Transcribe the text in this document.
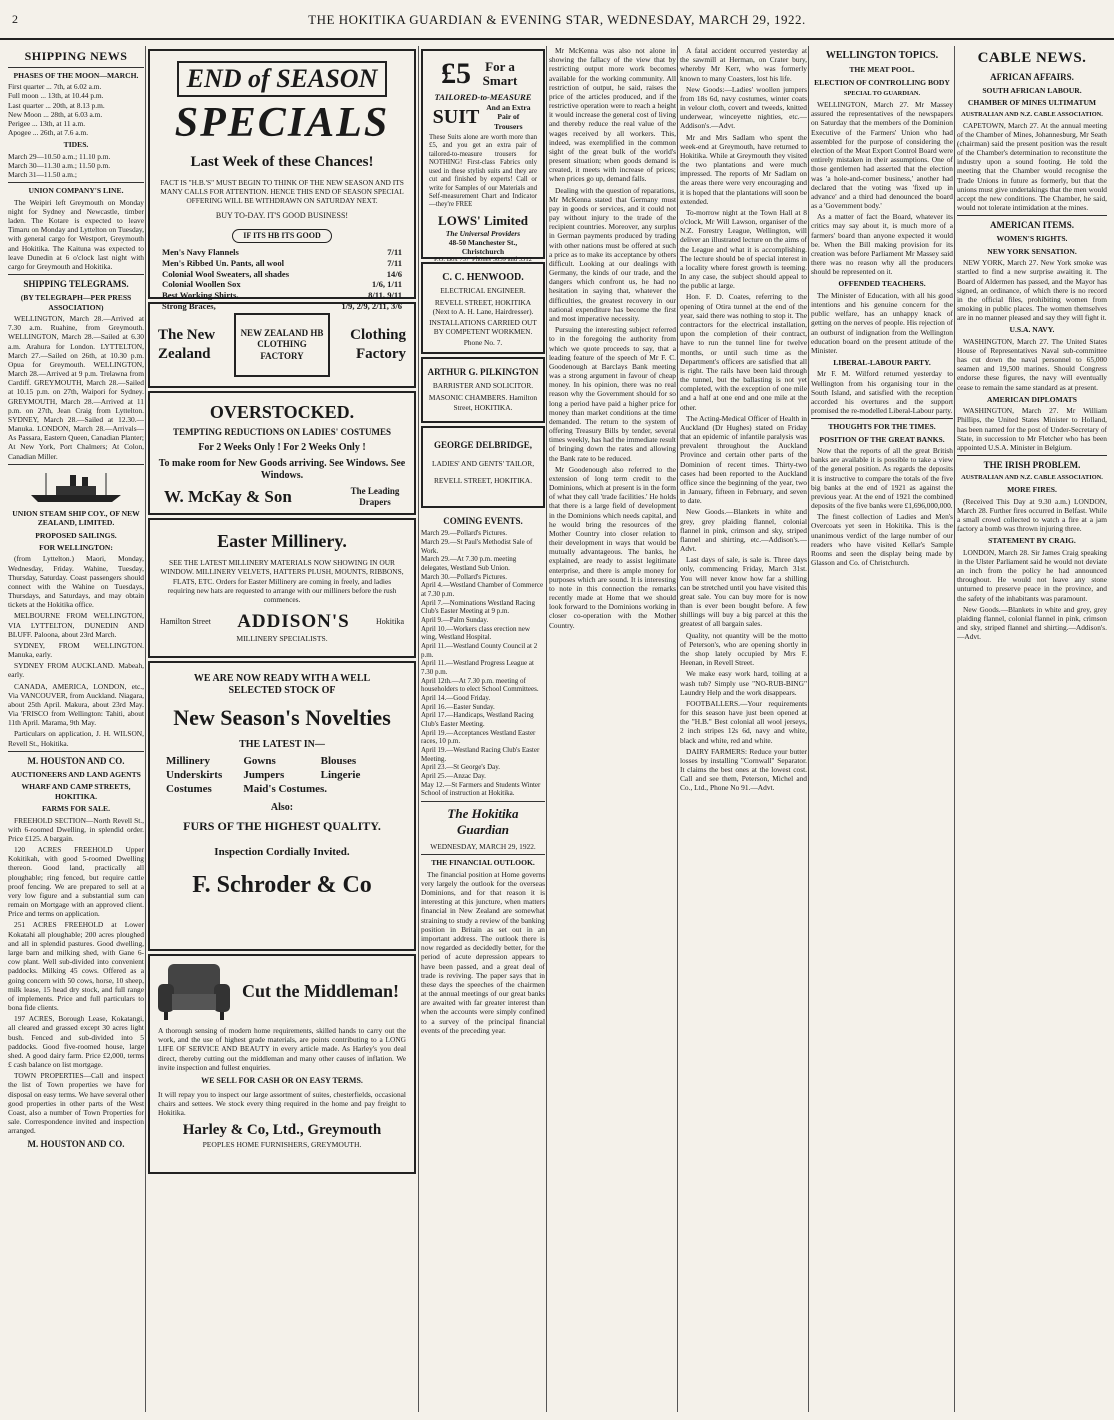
2	THE HOKITIKA GUARDIAN & EVENING STAR, WEDNESDAY, MARCH 29, 1922.
SHIPPING NEWS
PHASES OF THE MOON—MARCH.
First quarter ... 7th, at 6.02 a.m.
Full moon ... 13th, at 10.44 p.m.
Last quarter ... 20th, at 8.13 p.m.
New Moon ... 28th, at 6.03 a.m.
Perigee ... 13th, at 11 a.m.
Apogee ... 26th, at 7.6 a.m.
TIDES.
March 29—10.50 a.m.; 11.10 p.m.
March 30—11.30 a.m.; 11.50 p.m.
March 31—11.50 a.m.;
UNION COMPANY'S LINE.

The Weipiri left Greymouth on Monday night for Sydney and Newcastle, timber laden. The Kotare is expected to leave Timaru on Monday and Lyttelton on Tuesday, with general cargo for Westport, Greymouth and Hokitika. The Kaituna was expected to leave Dunedin at 6 o'clock last night with cargo for Greymouth and Hokitika.

SHIPPING TELEGRAMS.
(BY TELEGRAPH—PER PRESS ASSOCIATION)

WELLINGTON, March 28.—Arrived at 7.30 a.m. Ruahine, from Greymouth. WELLINGTON, March 28.—Sailed at 6.30 a.m. Arahura for London. LYTTELTON, March 27.—Sailed on 26th, at 10.30 p.m. Opua for Greymouth. WELLINGTON, March 28.—Arrived at 9 p.m. Trelawna from Cardiff. GREYMOUTH, March 28.—Sailed at 10.15 p.m. on 27th, Waipori for Sydney. GREYMOUTH, March 28.—Arrived at 11 p.m. on 27th, Jean Craig from Lyttelton. SYDNEY, March 28.—Sailed at 12.30.—Manuka. LONDON, March 28.—Arrivals—As Passara, Eastern Queen, Canadian Planter; At New York, Port Chalmers; At Colon, Canadian Miller.

UNION STEAM SHIP COY., OF NEW ZEALAND, LIMITED.
PROPOSED SAILINGS.
FOR WELLINGTON:

(from Lyttelton.) Maori, Monday, Wednesday, Friday. Wahine, Tuesday, Thursday, Saturday. Coast passengers should connect with the Wahine on Tuesdays, Thursdays, and Saturdays, and may obtain tickets at the Hokitika office.

MELBOURNE FROM WELLINGTON, VIA LYTTELTON, DUNEDIN AND BLUFF. Paloona, about 23rd March.

SYDNEY, FROM WELLINGTON. Manuka, early.

SYDNEY FROM AUCKLAND. Mabeah, early.

CANADA, AMERICA, LONDON, etc., Via VANCOUVER, from Auckland. Niagara, about 25th April. Makura, about 23rd May. Via 'FRISCO from Wellington: Tahiti, about 11th April. Marama, 9th May.

Particulars on application, J. H. WILSON, Revell St., Hokitika.

M. HOUSTON AND CO.
AUCTIONEERS AND LAND AGENTS
WHARF AND CAMP STREETS, HOKITIKA.
FARMS FOR SALE.

FREEHOLD SECTION—North Revell St., with 6-roomed Dwelling, in splendid order. Price £125. A bargain.

120 ACRES FREEHOLD Upper Kokitikah, with good 5-roomed Dwelling thereon. Good land, practically all ploughable; ring fenced, but require cattle proof fencing. We are prepared to sell at a very low figure and a substantial sum can remain on Mortgage with an approved client. Price and terms on application.

251 ACRES FREEHOLD at Lower Kokatahi all ploughable; 200 acres ploughed and all in splendid pastures. Good dwelling, large barn and milking shed, with Gane 6-cow plant. Well sub-divided into convenient paddocks. Milking 45 cows. Offered as a going concern with 50 cows, horse, 10 sheep, milk lease, 15 head dry stock, and full range of implements. Price and full particulars to bona fide clients.

197 ACRES, Borough Lease, Kokatangi, all cleared and grassed except 30 acres light bush. Fenced and sub-divided into 5 paddocks. Good five-roomed house, large shed. A good dairy farm. Price £2,000, terms £ cash balance on list mortgage.

TOWN PROPERTIES—Call and inspect the list of Town properties we have for disposal on easy terms. We have several other good properties in other parts of the West Coast, also a number of Town Properties for sale. Correspondence invited and inspection arranged.

M. HOUSTON AND CO.
END of SEASON
SPECIALS
Last Week of these Chances!

FACT IS "H.B.'S" MUST BEGIN TO THINK OF THE NEW SEASON AND ITS MANY CALLS FOR ATTENTION. HENCE THIS END OF SEASON SPECIAL OFFERING WILL BE WITHDRAWN ON SATURDAY NEXT.

BUY TO-DAY. IT'S GOOD BUSINESS!

IF ITS HB ITS GOOD
Men's Navy Flannels	7/11
Men's Ribbed Un. Pants, all wool	7/11
Colonial Wool Sweaters, all shades	14/6
Colonial Woollen Sox	1/6, 1/11
Best Working Shirts,	8/11, 9/11
Strong Braces,	1/9, 2/9, 2/11, 3/6
The New Zealand
NEW ZEALAND HB CLOTHING FACTORY
Clothing Factory
OVERSTOCKED.
TEMPTING REDUCTIONS ON LADIES' COSTUMES
For 2 Weeks Only ! For 2 Weeks Only !
To make room for New Goods arriving. See Windows. See Windows.
W. McKay & Son	The Leading Drapers
Easter Millinery.

SEE THE LATEST MILLINERY MATERIALS NOW SHOWING IN OUR WINDOW. MILLINERY VELVETS, HATTERS PLUSH, MOUNTS, RIBBONS, FLATS, ETC. Orders for Easter Millinery are coming in freely, and ladies requiring new hats are requested to arrange with our milliners before the rush commences.

Hamilton Street ADDISON'S	Hokitika
MILLINERY SPECIALISTS.
WE ARE NOW READY WITH A WELL SELECTED STOCK OF
New Season's Novelties
THE LATEST IN—
Millinery	Gowns	Blouses
Underskirts	Jumpers	Lingerie
Costumes	Maid's Costumes.
Also:
FURS OF THE HIGHEST QUALITY.
Inspection Cordially Invited.
F. Schroder & Co
Cut the Middleman!

A thorough sensing of modern home requirements, skilled hands to carry out the work, and the use of highest grade materials, are points contributing to a LONG LIFE OF SERVICE AND BEAUTY in every article made. As Harley's you deal direct, thereby cutting out the middleman and many other causes of inflation. We invite inspection and fullest enquiries.

WE SELL FOR CASH OR ON EASY TERMS.

It will repay you to inspect our large assortment of suites, chesterfields, occasional chairs and settees. We stock every thing required in the home and pay freight to Hokitika.

Harley & Co, Ltd., Greymouth
PEOPLES HOME FURNISHERS, GREYMOUTH.
£5	For a Smart
TAILORED-to-MEASURE
SUIT And an Extra Pair of Trousers

These Suits alone are worth more than £5, and you get an extra pair of tailored-to-measure trousers for NOTHING! First-class Fabrics only used in these stylish suits and they are cut and finished by experts! Call or write for Samples of our Materials and Self-measurement Chart and Indicator—they're FREE

LOWS' Limited
The Universal Providers
48-50 Manchester St., Christchurch
P.O. Box 737 'Phones 3059 and 3312
C. C. HENWOOD.
ELECTRICAL ENGINEER.
REVELL STREET, HOKITIKA (Next to A. H. Lane, Hairdresser).
INSTALLATIONS CARRIED OUT BY COMPETENT WORKMEN.
Phone No. 7.
ARTHUR G. PILKINGTON
BARRISTER AND SOLICITOR.
MASONIC CHAMBERS. Hamilton Street, HOKITIKA.
GEORGE DELBRIDGE,
LADIES' AND GENTS' TAILOR,
REVELL STREET, HOKITIKA.
COMING EVENTS.
March 29.—Pollard's Pictures.
March 29.—St Paul's Methodist Sale of Work.
March 29.—At 7.30 p.m. meeting delegates, Westland Sub Union.
March 30.—Pollard's Pictures.
April 4.—Westland Chamber of Commerce at 7.30 p.m.
April 7.—Nominations Westland Racing Club's Easter Meeting at 9 p.m.
April 9.—Palm Sunday.
April 10.—Workers class erection new wing, Westland Hospital.
April 11.—Westland County Council at 2 p.m.
April 11.—Westland Progress League at 7.30 p.m.
April 12th.—At 7.30 p.m. meeting of householders to elect School Committees.
April 14.—Good Friday.
April 16.—Easter Sunday.
April 17.—Handicaps, Westland Racing Club's Easter Meeting.
April 19.—Acceptances Westland Easter races, 10 p.m.
April 19.—Westland Racing Club's Easter Meeting.
April 23.—St George's Day.
April 25.—Anzac Day.
May 12.—St Farmers and Students Winter School of instruction at Hokitika.
The Hokitika Guardian
WEDNESDAY, MARCH 29, 1922.
THE FINANCIAL OUTLOOK.

The financial position at Home governs very largely the outlook for the overseas Dominions, and for that reason it is interesting at this juncture, when matters financial in New Zealand are somewhat straining to study a review of the banking position in Britain as set out in an important address. The outlook there is now regarded as decidedly better, for the period of acute depression appears to have been passed, and a great deal of trade is reviving. The paper says that in these days the speeches of the chairmen at the annual meetings of our great banks are awaited with far greater interest than when the accounts were simply confined to a survey of the principal financial events of the preceding year.

Mr McKenna was also not alone in showing the fallacy of the view that by restricting output more work becomes available for the working community. All restriction of output, he said, raises the price of the articles produced, and if the restrictive operation were to reach a height it would increase the general cost of living and thereby reduce the real value of the wages received by all workers. This, indeed, was exemplified in the common sight of the great bulk of the world's present situation; when goods demand is created, it meets with increase of prices; when prices go up, demand falls.

Dealing with the question of reparations, Mr McKenna stated that Germany must pay in goods or services, and it could not pay without injury to the trade of the recipient countries. Moreover, any surplus in German payments produced by trading with other nations must be offered at such a price as to make its acceptance by others difficult. Looking at our dealings with Germany, the kinds of our trade, and the dangers which confront us, he had no hesitation in saying that, whatever the difficulties, the greatest recovery in our national expenditure has become the first and most imperative necessity.

Pursuing the interesting subject referred to in the foregoing the authority from which we quote proceeds to say, that a leading feature of the speech of Mr F. C. Goodenough at Barclays Bank meeting was a strong argument in favour of cheap money. In his opinion, there was no real reason why the Government should for so long a period have paid a higher price for money than market conditions at the time demanded. The return to the system of offering Treasury Bills by tender, several times weekly, has had the immediate result of bringing down the rates and allowing the Bank rate to be reduced.

Mr Goodenough also referred to the extension of long term credit to the Dominions, which at present is in the form of what they call 'trade facilities.' He holds that there is a large field of development in the Dominions which needs capital, and he would bring the resources of the Mother Country into closer relation to their development in ways that would be mutually advantageous. The banks, he explained, are ready to assist legitimate enterprise, and there is ample money for purposes which are sound. It is interesting to note in this connection the remarks recently made at Home that we should look forward to the Dominions working in closer co-operation with the Mother Country.

CABLE NEWS.
AFRICAN AFFAIRS.
SOUTH AFRICAN LABOUR.
CHAMBER OF MINES ULTIMATUM
AUSTRALIAN AND N.Z. CABLE ASSOCIATION.

CAPETOWN, March 27. At the annual meeting of the Chamber of Mines, Johannesburg, Mr Seath (chairman) said the present position was the result of the Chamber's determination to reconstitute the industry upon a sound footing. He told the meeting that the Chamber would recognise the Trade Unions in future as formerly, but that the unions must give undertakings that the men would accept the new conditions. The Chamber, he said, would not tolerate intimidation at the mines.

AMERICAN ITEMS.
WOMEN'S RIGHTS.
NEW YORK SENSATION.

NEW YORK, March 27. New York smoke was startled to find a new surprise awaiting it. The Board of Aldermen has passed, and the Mayor has signed, an ordinance, of which there is no record in the official files, prohibiting women from smoking in public places. The women themselves are in no manner pleased and say they will fight it.

U.S.A. NAVY.

WASHINGTON, March 27. The United States House of Representatives Naval sub-committee has cut down the naval personnel to 65,000 seamen and 19,500 marines. Should Congress endorse these figures, the navy will eventually cease to remain the same standard as at present.

AMERICAN DIPLOMATS

WASHINGTON, March 27. Mr William Phillips, the United States Minister to Holland, has been named for the post of Under-Secretary of State, in succession to Mr Fletcher who has been appointed U.S.A. Minister in Belgium.

THE IRISH PROBLEM.
AUSTRALIAN AND N.Z. CABLE ASSOCIATION.
MORE FIRES.

(Received This Day at 9.30 a.m.) LONDON, March 28. Further fires occurred in Belfast. While a small crowd collected to watch a fire at a jam factory a bomb was thrown injuring three.

STATEMENT BY CRAIG.

LONDON, March 28. Sir James Craig speaking in the Ulster Parliament said he would not deviate an inch from the policy he had announced throughout. He would not leave any stone unturned to preserve peace in the province, and the safety of the inhabitants was paramount.

New Goods.—Blankets in white and grey, grey plaiding flannel, colonial flannel in pink, crimson and sky, striped flannel and shirting.—Addison's.—Advt.

WELLINGTON TOPICS.
THE MEAT POOL.
ELECTION OF CONTROLLING BODY
SPECIAL TO GUARDIAN.

WELLINGTON, March 27. Mr Massey assured the representatives of the newspapers on Saturday that the members of the Dominion Executive of the Farmers' Union who had assembled for the purpose of considering the election of the Meat Export Control Board were entirely mistaken in their assumptions. One of those gentlemen had asserted that the election was 'a hole-and-corner business,' another had declared that the voting was 'fixed up in advance' and a third had denounced the board as a 'Government body.'

As a matter of fact the Board, whatever its critics may say about it, is much more of a farmers' board than anyone expected it would be. When the Bill making provision for its creation was before Parliament Mr Massey said there was no reason why all the producers should be represented on it.

OFFENDED TEACHERS.

The Minister of Education, with all his good intentions and his genuine concern for the public welfare, has an unhappy knack of getting on the nerves of people. His rejection of an outburst of indignation from the Wellington education board on the present attitude of the Minister.

LIBERAL-LABOUR PARTY.

Mr F. M. Wilford returned yesterday to Wellington from his organising tour in the South Island, and satisfied with the reception accorded his overtures and the support promised the re-modelled Liberal-Labour party.

THOUGHTS FOR THE TIMES.
POSITION OF THE GREAT BANKS.

Now that the reports of all the great British banks are available it is possible to take a view of the general position. As regards the deposits it is instructive to compare the totals of the five big banks at the end of 1921 as against the previous year. At the end of 1921 the combined deposits of the five banks were £1,696,000,000.

The finest collection of Ladies and Men's Overcoats yet seen in Hokitika. This is the unanimous verdict of the large number of our readers who have visited Kellar's Sample Rooms and seen the display being made by Glasson and Co. of Christchurch.

A fatal accident occurred yesterday at the sawmill at Herman, on Crater bury, whereby Mr Kerr, who was formerly known to many Coasters, lost his life.

New Goods:—Ladies' woollen jumpers from 18s 6d, navy costumes, winter coats in velour cloth, covert and tweeds, knitted underwear, winceyette nighties, etc.—Addison's.—Advt.

Mr and Mrs Sadlam who spent the week-end at Greymouth, have returned to Hokitika. While at Greymouth they visited the two plantations and were much impressed. The reports of Mr Sadlam on the areas there were very encouraging and it is hoped that the plantations will soon be extended.

To-morrow night at the Town Hall at 8 o'clock, Mr Will Lawson, organiser of the N.Z. Forestry League, Wellington, will deliver an illustrated lecture on the aims of the League and what it is accomplishing. The lecture should be of special interest in a locality where forest growth is teeming. In any case, the subject should appeal to the public at large.

Hon. F. D. Coates, referring to the opening of Otira tunnel at the end of the year, said there was nothing to stop it. The contractors for the electrical installation, upon the completion of their contract, have to run the tunnel line for twelve months, or until such time as the Department's officers are satisfied that all is right. The rails have been laid through the tunnel, but the ballasting is not yet completed, with the exception of one mile and a half at one end and one mile at the other.

The Acting-Medical Officer of Health in Auckland (Dr Hughes) stated on Friday that an epidemic of infantile paralysis was prevalent throughout the Auckland Province and certain other parts of the Dominion of recent times. Thirty-two cases had been reported to the Auckland office since the beginning of the year, two in January, fifteen in February, and seven to date.

New Goods.—Blankets in white and grey, grey plaiding flannel, colonial flannel in pink, crimson and sky, striped flannel and shirting, etc.—Addison's.—Advt.

Last days of sale, is sale is. Three days only, commencing Friday, March 31st. You will never know how far a shilling can be stretched until you have visited this great sale. You can buy more for is now than is ever been bought before. A few shillings will buy a big parcel at this the greatest of all bargain sales.

Quality, not quantity will be the motto of Peterson's, who are opening shortly in the shop lately occupied by Mrs F. Heenan, in Revell Street.

We make easy work hard, toiling at a wash tub? Simply use "NO-RUB-BING" Laundry Help and the work disappears.

FOOTBALLERS.—Your requirements for this season have just been opened at the "H.B." Best colonial all wool jerseys, 2 inch stripes 12s 6d, navy and white, black and white, red and white.

DAIRY FARMERS: Reduce your butter losses by installing "Cornwall" Separator. It claims the best ones at the lowest cost. Call and see them, Peterson, Michel and Co., Ltd., Phone No 91.—Advt.
